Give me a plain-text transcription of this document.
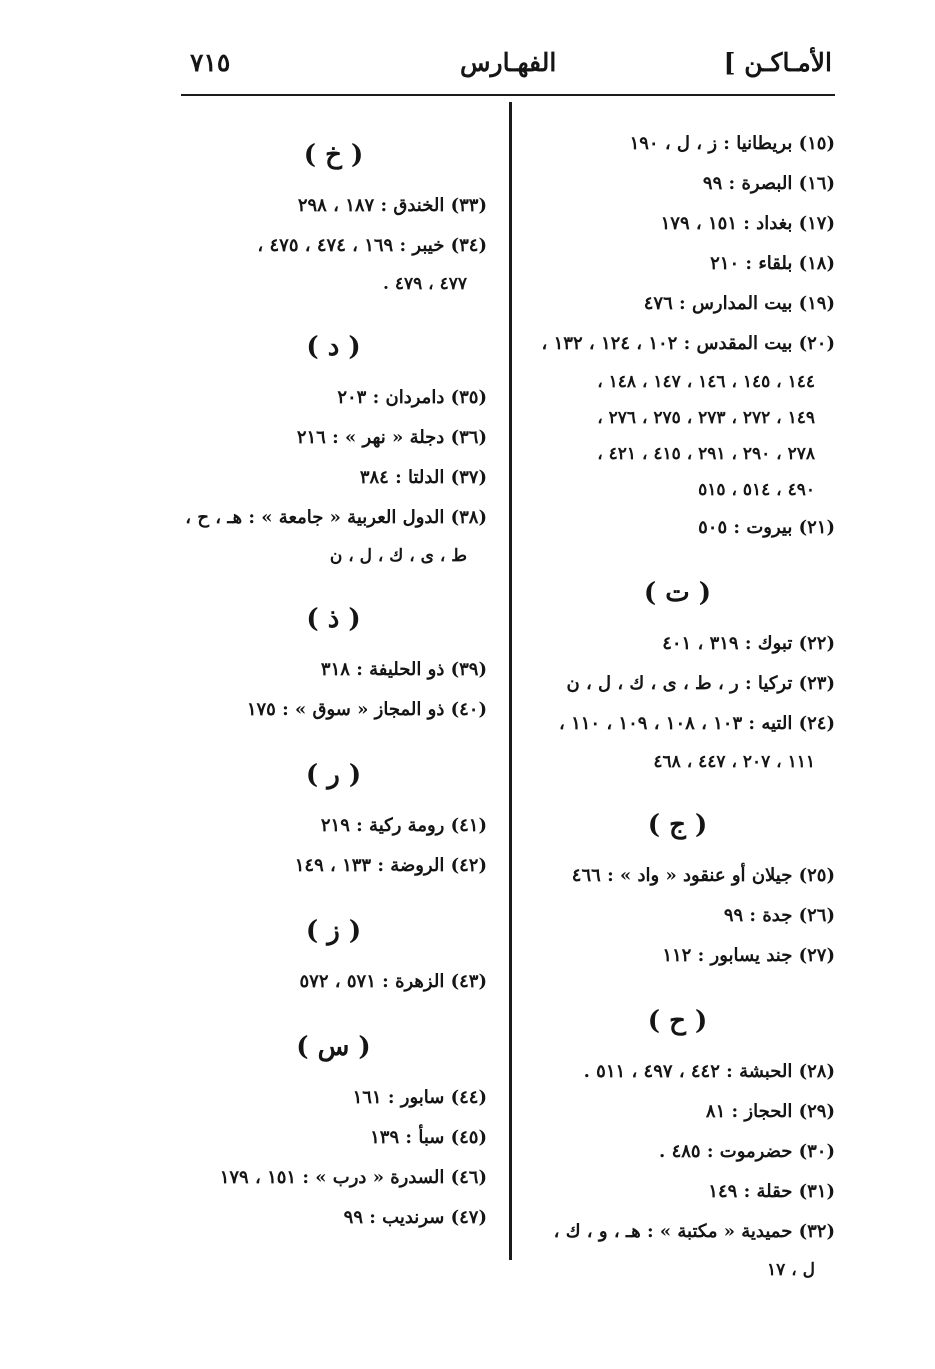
٧١٥	الفهـارس	الأمـاكـن ]
(١٥) بريطانيا : ز ، ل ، ١٩٠
(١٦) البصرة : ٩٩
(١٧) بغداد : ١٥١ ، ١٧٩
(١٨) بلقاء : ٢١٠
(١٩) بيت المدارس : ٤٧٦
(٢٠) بيت المقدس : ١٠٢ ، ١٢٤ ، ١٣٢ ،
١٤٤ ، ١٤٥ ، ١٤٦ ، ١٤٧ ، ١٤٨ ،
١٤٩ ، ٢٧٢ ، ٢٧٣ ، ٢٧٥ ، ٢٧٦ ،
٢٧٨ ، ٢٩٠ ، ٢٩١ ، ٤١٥ ، ٤٢١ ،
٤٩٠ ، ٥١٤ ، ٥١٥
(٢١) بيروت : ٥٠٥
( ت )
(٢٢) تبوك : ٣١٩ ، ٤٠١
(٢٣) تركيا : ر ، ط ، ى ، ك ، ل ، ن
(٢٤) التيه : ١٠٣ ، ١٠٨ ، ١٠٩ ، ١١٠ ،
١١١ ، ٢٠٧ ، ٤٤٧ ، ٤٦٨
( ج )
(٢٥) جيلان أو عنقود « واد » : ٤٦٦
(٢٦) جدة : ٩٩
(٢٧) جند يسابور : ١١٢
( ح )
(٢٨) الحبشة : ٤٤٢ ، ٤٩٧ ، ٥١١ .
(٢٩) الحجاز : ٨١
(٣٠) حضرموت : ٤٨٥ .
(٣١) حقلة : ١٤٩
(٣٢) حميدية « مكتبة » : هـ ، و ، ك ،
ل ، ١٧
( خ )
(٣٣) الخندق : ١٨٧ ، ٢٩٨
(٣٤) خيبر : ١٦٩ ، ٤٧٤ ، ٤٧٥ ،
٤٧٧ ، ٤٧٩ .
( د )
(٣٥) دامردان : ٢٠٣
(٣٦) دجلة « نهر » : ٢١٦
(٣٧) الدلتا : ٣٨٤
(٣٨) الدول العربية « جامعة » : هـ ، ح ،
ط ، ى ، ك ، ل ، ن
( ذ )
(٣٩) ذو الحليفة : ٣١٨
(٤٠) ذو المجاز « سوق » : ١٧٥
( ر )
(٤١) رومة ركية : ٢١٩
(٤٢) الروضة : ١٣٣ ، ١٤٩
( ز )
(٤٣) الزهرة : ٥٧١ ، ٥٧٢
( س )
(٤٤) سابور : ١٦١
(٤٥) سبأ : ١٣٩
(٤٦) السدرة « درب » : ١٥١ ، ١٧٩
(٤٧) سرنديب : ٩٩
